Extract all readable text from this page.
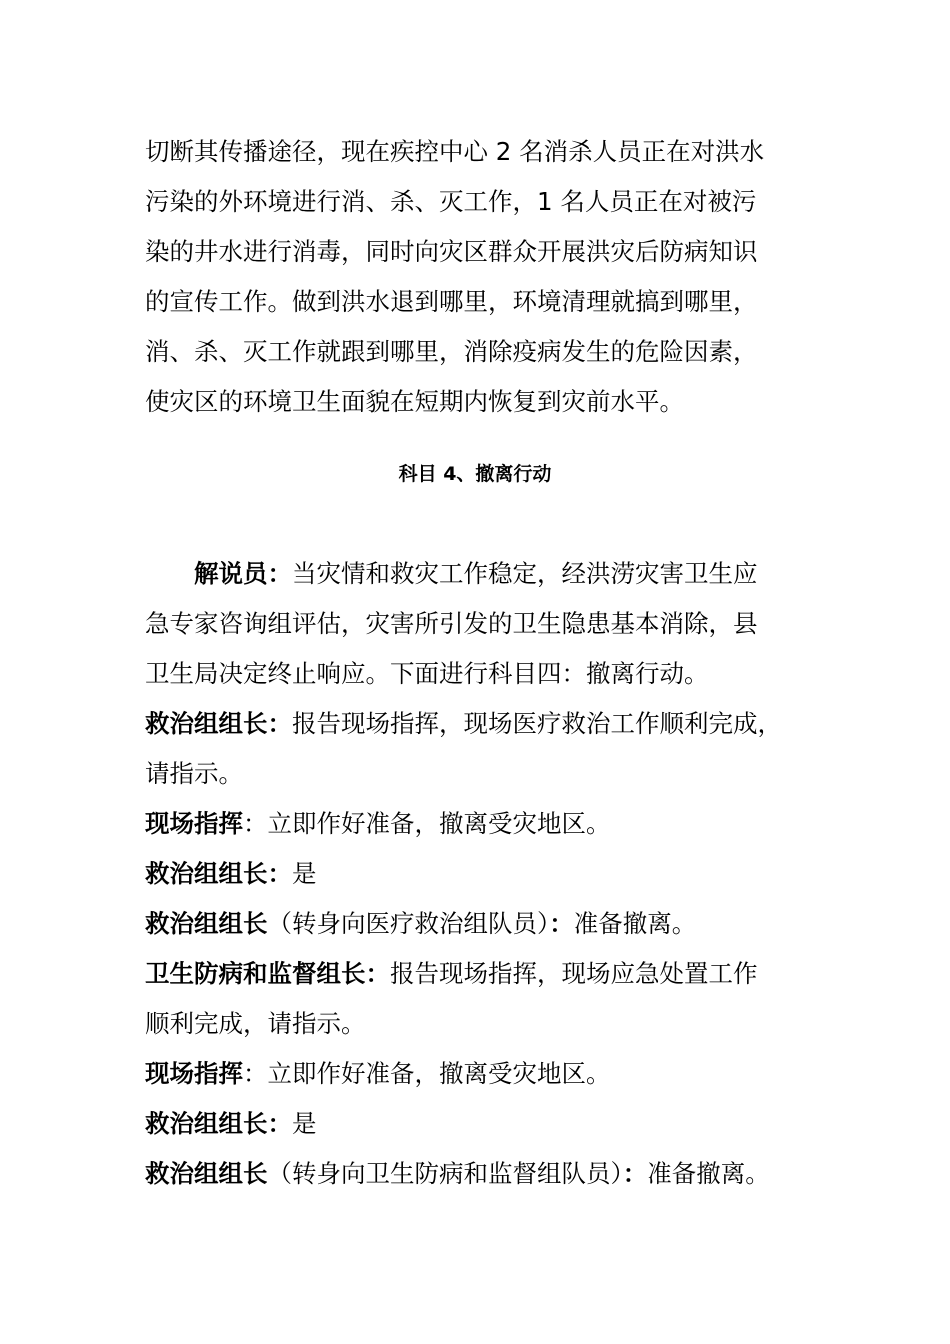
切断其传播途径，现在疾控中心 2 名消杀人员正在对洪水
污染的外环境进行消、杀、灭工作，1 名人员正在对被污
染的井水进行消毒，同时向灾区群众开展洪灾后防病知识
的宣传工作。做到洪水退到哪里，环境清理就搞到哪里，
消、杀、灭工作就跟到哪里，消除疫病发生的危险因素，
使灾区的环境卫生面貌在短期内恢复到灾前水平。
科目 4、撤离行动
解说员：当灾情和救灾工作稳定，经洪涝灾害卫生应
急专家咨询组评估，灾害所引发的卫生隐患基本消除，县
卫生局决定终止响应。下面进行科目四：撤离行动。
救治组组长：报告现场指挥，现场医疗救治工作顺利完成，
请指示。
现场指挥：立即作好准备，撤离受灾地区。
救治组组长：是
救治组组长（转身向医疗救治组队员）：准备撤离。
卫生防病和监督组长：报告现场指挥，现场应急处置工作
顺利完成，请指示。
现场指挥：立即作好准备，撤离受灾地区。
救治组组长：是
救治组组长（转身向卫生防病和监督组队员）：准备撤离。
